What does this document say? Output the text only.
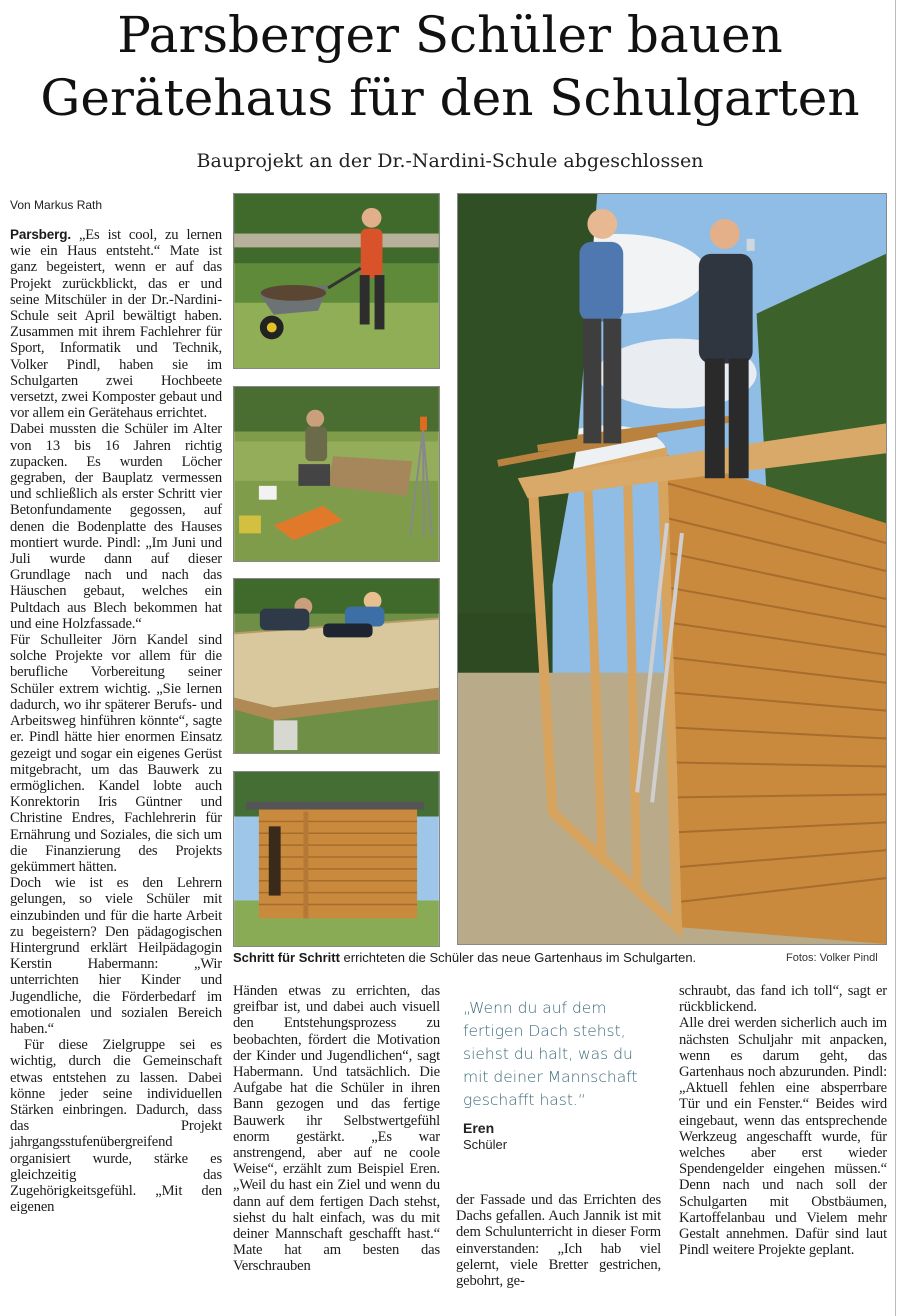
Parsberger Schüler bauen
Gerätehaus für den Schulgarten
Bauprojekt an der Dr.-Nardini-Schule abgeschlossen
Von Markus Rath

Parsberg. „Es ist cool, zu lernen wie ein Haus entsteht.“ Mate ist ganz begeistert, wenn er auf das Projekt zurückblickt, das er und seine Mitschüler in der Dr.-Nardini-Schule seit April bewältigt haben. Zusammen mit ihrem Fachlehrer für Sport, Informatik und Technik, Volker Pindl, haben sie im Schulgarten zwei Hochbeete versetzt, zwei Komposter gebaut und vor allem ein Gerätehaus errichtet.

Dabei mussten die Schüler im Alter von 13 bis 16 Jahren richtig zupacken. Es wurden Löcher gegraben, der Bauplatz vermessen und schließlich als erster Schritt vier Betonfundamente gegossen, auf denen die Bodenplatte des Hauses montiert wurde. Pindl: „Im Juni und Juli wurde dann auf dieser Grundlage nach und nach das Häuschen gebaut, welches ein Pultdach aus Blech bekommen hat und eine Holzfassade.“

Für Schulleiter Jörn Kandel sind solche Projekte vor allem für die berufliche Vorbereitung seiner Schüler extrem wichtig. „Sie lernen dadurch, wo ihr späterer Berufs- und Arbeitsweg hinführen könnte“, sagte er. Pindl hätte hier enormen Einsatz gezeigt und sogar ein eigenes Gerüst mitgebracht, um das Bauwerk zu ermöglichen. Kandel lobte auch Konrektorin Iris Güntner und Christine Endres, Fachlehrerin für Ernährung und Soziales, die sich um die Finanzierung des Projekts gekümmert hätten.

Doch wie ist es den Lehrern gelungen, so viele Schüler mit einzubinden und für die harte Arbeit zu begeistern? Den pädagogischen Hintergrund erklärt Heilpädagogin Kerstin Habermann: „Wir unterrichten hier Kinder und Jugendliche, die Förderbedarf im emotionalen und sozialen Bereich haben.“

Für diese Zielgruppe sei es wichtig, durch die Gemeinschaft etwas entstehen zu lassen. Dabei könne jeder seine individuellen Stärken einbringen. Dadurch, dass das Projekt jahrgangsstufenübergreifend organisiert wurde, stärke es gleichzeitig das Zugehörigkeitsgefühl. „Mit den eigenen

Schritt für Schritt errichteten die Schüler das neue Gartenhaus im Schulgarten.	Fotos: Volker Pindl

Händen etwas zu errichten, das greifbar ist, und dabei auch visuell den Entstehungsprozess zu beobachten, fördert die Motivation der Kinder und Jugendlichen“, sagt Habermann. Und tatsächlich. Die Aufgabe hat die Schüler in ihren Bann gezogen und das fertige Bauwerk ihr Selbstwertgefühl enorm gestärkt. „Es war anstrengend, aber auf ne coole Weise“, erzählt zum Beispiel Eren. „Weil du hast ein Ziel und wenn du dann auf dem fertigen Dach stehst, siehst du halt einfach, was du mit deiner Mannschaft geschafft hast.“ Mate hat am besten das Verschrauben

„Wenn du auf dem fertigen Dach stehst, siehst du halt, was du mit deiner Mannschaft geschafft hast.“
Eren
Schüler

der Fassade und das Errichten des Dachs gefallen. Auch Jannik ist mit dem Schulunterricht in dieser Form einverstanden: „Ich hab viel gelernt, viele Bretter gestrichen, gebohrt, ge-

schraubt, das fand ich toll“, sagt er rückblickend.

Alle drei werden sicherlich auch im nächsten Schuljahr mit anpacken, wenn es darum geht, das Gartenhaus noch abzurunden. Pindl: „Aktuell fehlen eine absperrbare Tür und ein Fenster.“ Beides wird eingebaut, wenn das entsprechende Werkzeug angeschafft wurde, für welches aber erst wieder Spendengelder eingehen müssen.“ Denn nach und nach soll der Schulgarten mit Obstbäumen, Kartoffelanbau und Vielem mehr Gestalt annehmen. Dafür sind laut Pindl weitere Projekte geplant.
